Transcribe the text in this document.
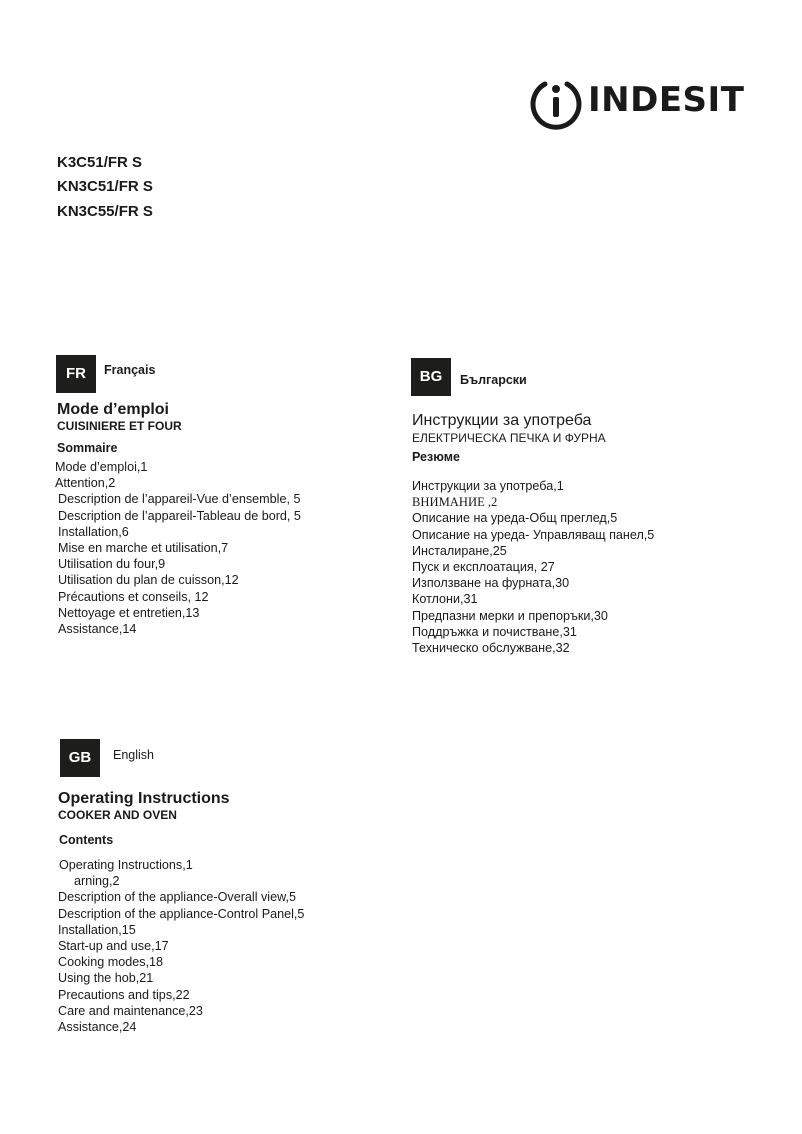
INDESIT
K3C51/FR S
KN3C51/FR S
KN3C55/FR S
FR	Français
Mode d’emploi
CUISINIERE ET FOUR
Sommaire
Mode d’emploi,1
Attention,2
Description de l’appareil-Vue d’ensemble, 5
Description de l’appareil-Tableau de bord, 5
Installation,6
Mise en marche et utilisation,7
Utilisation du four,9
Utilisation du plan de cuisson,12
Précautions et conseils, 12
Nettoyage et entretien,13
Assistance,14
BG	Български
Инструкции за употреба
ЕЛЕКТРИЧЕСКА ПЕЧКА И ФУРНА
Резюме
Инструкции за употреба,1
ВНИМАНИЕ ,2
Описание на уреда-Общ преглед,5
Описание на уреда- Управляващ панел,5
Инсталиране,25
Пуск и експлоатация, 27
Използване на фурната,30
Котлони,31
Предпазни мерки и препоръки,30
Поддръжка и почистване,31
Техническо обслужване,32
GB	English
Operating Instructions
COOKER AND OVEN
Contents
Operating Instructions,1
arning,2
Description of the appliance-Overall view,5
Description of the appliance-Control Panel,5
Installation,15
Start-up and use,17
Cooking modes,18
Using the hob,21
Precautions and tips,22
Care and maintenance,23
Assistance,24
